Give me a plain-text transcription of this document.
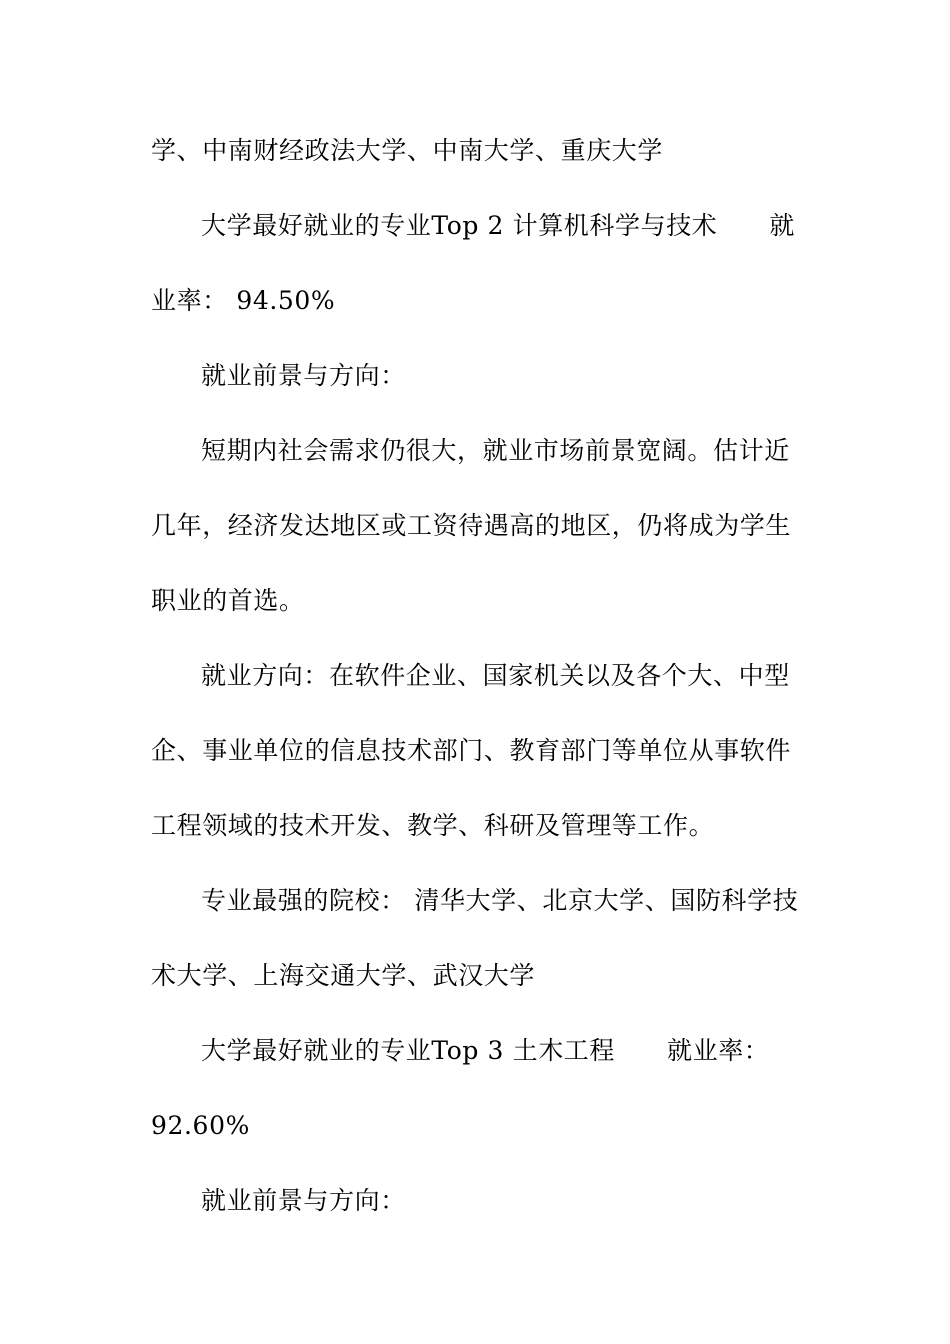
学、中南财经政法大学、中南大学、重庆大学
大学最好就业的专业Top 2 计算机科学与技术 就
业率： 94.50%
就业前景与方向：
短期内社会需求仍很大，就业市场前景宽阔。估计近
几年，经济发达地区或工资待遇高的地区，仍将成为学生
职业的首选。
就业方向：在软件企业、国家机关以及各个大、中型
企、事业单位的信息技术部门、教育部门等单位从事软件
工程领域的技术开发、教学、科研及管理等工作。
专业最强的院校： 清华大学、北京大学、国防科学技
术大学、上海交通大学、武汉大学
大学最好就业的专业Top 3 土木工程 就业率：
92.60%
就业前景与方向：
